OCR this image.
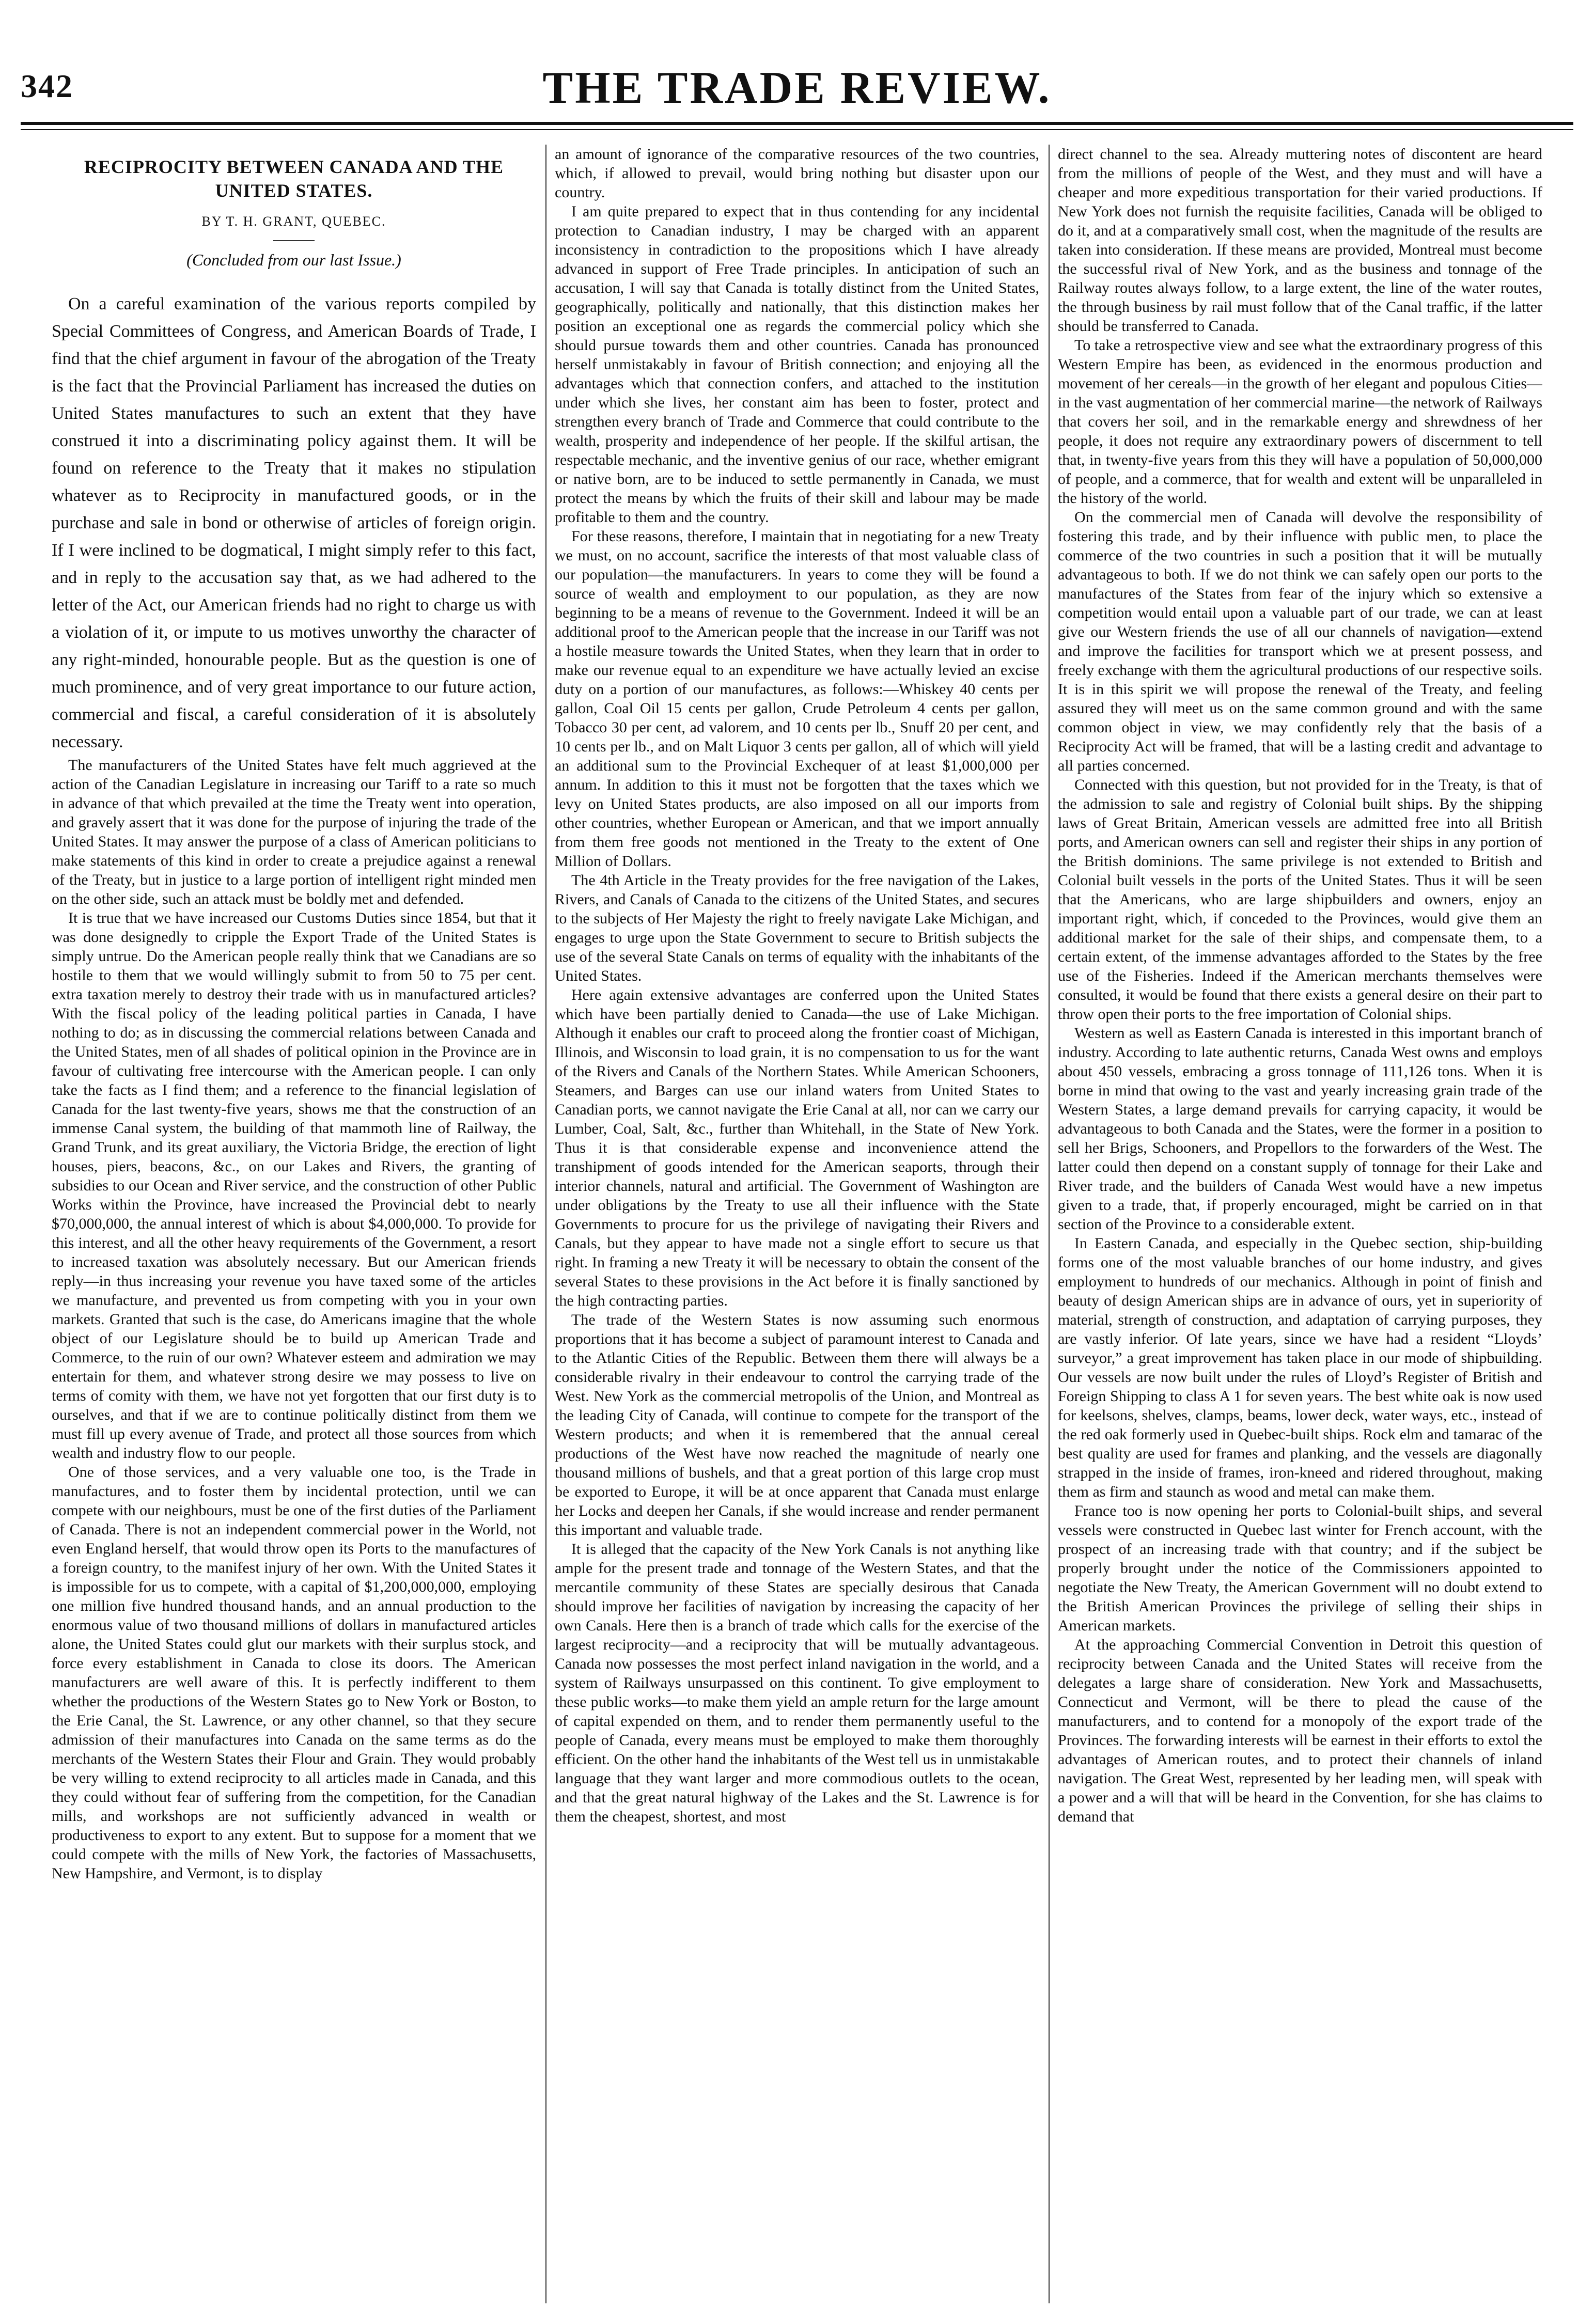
342	THE TRADE REVIEW.
RECIPROCITY BETWEEN CANADA AND THE UNITED STATES.
BY T. H. GRANT, QUEBEC.
(Concluded from our last Issue.)

On a careful examination of the various reports compiled by Special Committees of Congress, and American Boards of Trade, I find that the chief argument in favour of the abrogation of the Treaty is the fact that the Provincial Parliament has increased the duties on United States manufactures to such an extent that they have construed it into a discriminating policy against them. It will be found on reference to the Treaty that it makes no stipulation whatever as to Reciprocity in manufactured goods, or in the purchase and sale in bond or otherwise of articles of foreign origin. If I were inclined to be dogmatical, I might simply refer to this fact, and in reply to the accusation say that, as we had adhered to the letter of the Act, our American friends had no right to charge us with a violation of it, or impute to us motives unworthy the character of any right-minded, honourable people. But as the question is one of much prominence, and of very great importance to our future action, commercial and fiscal, a careful consideration of it is absolutely necessary.

The manufacturers of the United States have felt much aggrieved at the action of the Canadian Legislature in increasing our Tariff to a rate so much in advance of that which prevailed at the time the Treaty went into operation, and gravely assert that it was done for the purpose of injuring the trade of the United States. It may answer the purpose of a class of American politicians to make statements of this kind in order to create a prejudice against a renewal of the Treaty, but in justice to a large portion of intelligent right minded men on the other side, such an attack must be boldly met and defended.

It is true that we have increased our Customs Duties since 1854, but that it was done designedly to cripple the Export Trade of the United States is simply untrue. Do the American people really think that we Canadians are so hostile to them that we would willingly submit to from 50 to 75 per cent. extra taxation merely to destroy their trade with us in manufactured articles? With the fiscal policy of the leading political parties in Canada, I have nothing to do; as in discussing the commercial relations between Canada and the United States, men of all shades of political opinion in the Province are in favour of cultivating free intercourse with the American people. I can only take the facts as I find them; and a reference to the financial legislation of Canada for the last twenty-five years, shows me that the construction of an immense Canal system, the building of that mammoth line of Railway, the Grand Trunk, and its great auxiliary, the Victoria Bridge, the erection of light houses, piers, beacons, &c., on our Lakes and Rivers, the granting of subsidies to our Ocean and River service, and the construction of other Public Works within the Province, have increased the Provincial debt to nearly $70,000,000, the annual interest of which is about $4,000,000. To provide for this interest, and all the other heavy requirements of the Government, a resort to increased taxation was absolutely necessary. But our American friends reply—in thus increasing your revenue you have taxed some of the articles we manufacture, and prevented us from competing with you in your own markets. Granted that such is the case, do Americans imagine that the whole object of our Legislature should be to build up American Trade and Commerce, to the ruin of our own? Whatever esteem and admiration we may entertain for them, and whatever strong desire we may possess to live on terms of comity with them, we have not yet forgotten that our first duty is to ourselves, and that if we are to continue politically distinct from them we must fill up every avenue of Trade, and protect all those sources from which wealth and industry flow to our people.

One of those services, and a very valuable one too, is the Trade in manufactures, and to foster them by incidental protection, until we can compete with our neighbours, must be one of the first duties of the Parliament of Canada. There is not an independent commercial power in the World, not even England herself, that would throw open its Ports to the manufactures of a foreign country, to the manifest injury of her own. With the United States it is impossible for us to compete, with a capital of $1,200,000,000, employing one million five hundred thousand hands, and an annual production to the enormous value of two thousand millions of dollars in manufactured articles alone, the United States could glut our markets with their surplus stock, and force every establishment in Canada to close its doors. The American manufacturers are well aware of this. It is perfectly indifferent to them whether the productions of the Western States go to New York or Boston, to the Erie Canal, the St. Lawrence, or any other channel, so that they secure admission of their manufactures into Canada on the same terms as do the merchants of the Western States their Flour and Grain. They would probably be very willing to extend reciprocity to all articles made in Canada, and this they could without fear of suffering from the competition, for the Canadian mills, and workshops are not sufficiently advanced in wealth or productiveness to export to any extent. But to suppose for a moment that we could compete with the mills of New York, the factories of Massachusetts, New Hampshire, and Vermont, is to display

an amount of ignorance of the comparative resources of the two countries, which, if allowed to prevail, would bring nothing but disaster upon our country.

I am quite prepared to expect that in thus contending for any incidental protection to Canadian industry, I may be charged with an apparent inconsistency in contradiction to the propositions which I have already advanced in support of Free Trade principles. In anticipation of such an accusation, I will say that Canada is totally distinct from the United States, geographically, politically and nationally, that this distinction makes her position an exceptional one as regards the commercial policy which she should pursue towards them and other countries. Canada has pronounced herself unmistakably in favour of British connection; and enjoying all the advantages which that connection confers, and attached to the institution under which she lives, her constant aim has been to foster, protect and strengthen every branch of Trade and Commerce that could contribute to the wealth, prosperity and independence of her people. If the skilful artisan, the respectable mechanic, and the inventive genius of our race, whether emigrant or native born, are to be induced to settle permanently in Canada, we must protect the means by which the fruits of their skill and labour may be made profitable to them and the country.

For these reasons, therefore, I maintain that in negotiating for a new Treaty we must, on no account, sacrifice the interests of that most valuable class of our population—the manufacturers. In years to come they will be found a source of wealth and employment to our population, as they are now beginning to be a means of revenue to the Government. Indeed it will be an additional proof to the American people that the increase in our Tariff was not a hostile measure towards the United States, when they learn that in order to make our revenue equal to an expenditure we have actually levied an excise duty on a portion of our manufactures, as follows:—Whiskey 40 cents per gallon, Coal Oil 15 cents per gallon, Crude Petroleum 4 cents per gallon, Tobacco 30 per cent, ad valorem, and 10 cents per lb., Snuff 20 per cent, and 10 cents per lb., and on Malt Liquor 3 cents per gallon, all of which will yield an additional sum to the Provincial Exchequer of at least $1,000,000 per annum. In addition to this it must not be forgotten that the taxes which we levy on United States products, are also imposed on all our imports from other countries, whether European or American, and that we import annually from them free goods not mentioned in the Treaty to the extent of One Million of Dollars.

The 4th Article in the Treaty provides for the free navigation of the Lakes, Rivers, and Canals of Canada to the citizens of the United States, and secures to the subjects of Her Majesty the right to freely navigate Lake Michigan, and engages to urge upon the State Government to secure to British subjects the use of the several State Canals on terms of equality with the inhabitants of the United States.

Here again extensive advantages are conferred upon the United States which have been partially denied to Canada—the use of Lake Michigan. Although it enables our craft to proceed along the frontier coast of Michigan, Illinois, and Wisconsin to load grain, it is no compensation to us for the want of the Rivers and Canals of the Northern States. While American Schooners, Steamers, and Barges can use our inland waters from United States to Canadian ports, we cannot navigate the Erie Canal at all, nor can we carry our Lumber, Coal, Salt, &c., further than Whitehall, in the State of New York. Thus it is that considerable expense and inconvenience attend the transhipment of goods intended for the American seaports, through their interior channels, natural and artificial. The Government of Washington are under obligations by the Treaty to use all their influence with the State Governments to procure for us the privilege of navigating their Rivers and Canals, but they appear to have made not a single effort to secure us that right. In framing a new Treaty it will be necessary to obtain the consent of the several States to these provisions in the Act before it is finally sanctioned by the high contracting parties.

The trade of the Western States is now assuming such enormous proportions that it has become a subject of paramount interest to Canada and to the Atlantic Cities of the Republic. Between them there will always be a considerable rivalry in their endeavour to control the carrying trade of the West. New York as the commercial metropolis of the Union, and Montreal as the leading City of Canada, will continue to compete for the transport of the Western products; and when it is remembered that the annual cereal productions of the West have now reached the magnitude of nearly one thousand millions of bushels, and that a great portion of this large crop must be exported to Europe, it will be at once apparent that Canada must enlarge her Locks and deepen her Canals, if she would increase and render permanent this important and valuable trade.

It is alleged that the capacity of the New York Canals is not anything like ample for the present trade and tonnage of the Western States, and that the mercantile community of these States are specially desirous that Canada should improve her facilities of navigation by increasing the capacity of her own Canals. Here then is a branch of trade which calls for the exercise of the largest reciprocity—and a reciprocity that will be mutually advantageous. Canada now possesses the most perfect inland navigation in the world, and a system of Railways unsurpassed on this continent. To give employment to these public works—to make them yield an ample return for the large amount of capital expended on them, and to render them permanently useful to the people of Canada, every means must be employed to make them thoroughly efficient. On the other hand the inhabitants of the West tell us in unmistakable language that they want larger and more commodious outlets to the ocean, and that the great natural highway of the Lakes and the St. Lawrence is for them the cheapest, shortest, and most

direct channel to the sea. Already muttering notes of discontent are heard from the millions of people of the West, and they must and will have a cheaper and more expeditious transportation for their varied productions. If New York does not furnish the requisite facilities, Canada will be obliged to do it, and at a comparatively small cost, when the magnitude of the results are taken into consideration. If these means are provided, Montreal must become the successful rival of New York, and as the business and tonnage of the Railway routes always follow, to a large extent, the line of the water routes, the through business by rail must follow that of the Canal traffic, if the latter should be transferred to Canada.

To take a retrospective view and see what the extraordinary progress of this Western Empire has been, as evidenced in the enormous production and movement of her cereals—in the growth of her elegant and populous Cities—in the vast augmentation of her commercial marine—the network of Railways that covers her soil, and in the remarkable energy and shrewdness of her people, it does not require any extraordinary powers of discernment to tell that, in twenty-five years from this they will have a population of 50,000,000 of people, and a commerce, that for wealth and extent will be unparalleled in the history of the world.

On the commercial men of Canada will devolve the responsibility of fostering this trade, and by their influence with public men, to place the commerce of the two countries in such a position that it will be mutually advantageous to both. If we do not think we can safely open our ports to the manufactures of the States from fear of the injury which so extensive a competition would entail upon a valuable part of our trade, we can at least give our Western friends the use of all our channels of navigation—extend and improve the facilities for transport which we at present possess, and freely exchange with them the agricultural productions of our respective soils. It is in this spirit we will propose the renewal of the Treaty, and feeling assured they will meet us on the same common ground and with the same common object in view, we may confidently rely that the basis of a Reciprocity Act will be framed, that will be a lasting credit and advantage to all parties concerned.

Connected with this question, but not provided for in the Treaty, is that of the admission to sale and registry of Colonial built ships. By the shipping laws of Great Britain, American vessels are admitted free into all British ports, and American owners can sell and register their ships in any portion of the British dominions. The same privilege is not extended to British and Colonial built vessels in the ports of the United States. Thus it will be seen that the Americans, who are large shipbuilders and owners, enjoy an important right, which, if conceded to the Provinces, would give them an additional market for the sale of their ships, and compensate them, to a certain extent, of the immense advantages afforded to the States by the free use of the Fisheries. Indeed if the American merchants themselves were consulted, it would be found that there exists a general desire on their part to throw open their ports to the free importation of Colonial ships.

Western as well as Eastern Canada is interested in this important branch of industry. According to late authentic returns, Canada West owns and employs about 450 vessels, embracing a gross tonnage of 111,126 tons. When it is borne in mind that owing to the vast and yearly increasing grain trade of the Western States, a large demand prevails for carrying capacity, it would be advantageous to both Canada and the States, were the former in a position to sell her Brigs, Schooners, and Propellors to the forwarders of the West. The latter could then depend on a constant supply of tonnage for their Lake and River trade, and the builders of Canada West would have a new impetus given to a trade, that, if properly encouraged, might be carried on in that section of the Province to a considerable extent.

In Eastern Canada, and especially in the Quebec section, ship-building forms one of the most valuable branches of our home industry, and gives employment to hundreds of our mechanics. Although in point of finish and beauty of design American ships are in advance of ours, yet in superiority of material, strength of construction, and adaptation of carrying purposes, they are vastly inferior. Of late years, since we have had a resident “Lloyds’ surveyor,” a great improvement has taken place in our mode of shipbuilding. Our vessels are now built under the rules of Lloyd’s Register of British and Foreign Shipping to class A 1 for seven years. The best white oak is now used for keelsons, shelves, clamps, beams, lower deck, water ways, etc., instead of the red oak formerly used in Quebec-built ships. Rock elm and tamarac of the best quality are used for frames and planking, and the vessels are diagonally strapped in the inside of frames, iron-kneed and ridered throughout, making them as firm and staunch as wood and metal can make them.

France too is now opening her ports to Colonial-built ships, and several vessels were constructed in Quebec last winter for French account, with the prospect of an increasing trade with that country; and if the subject be properly brought under the notice of the Commissioners appointed to negotiate the New Treaty, the American Government will no doubt extend to the British American Provinces the privilege of selling their ships in American markets.

At the approaching Commercial Convention in Detroit this question of reciprocity between Canada and the United States will receive from the delegates a large share of consideration. New York and Massachusetts, Connecticut and Vermont, will be there to plead the cause of the manufacturers, and to contend for a monopoly of the export trade of the Provinces. The forwarding interests will be earnest in their efforts to extol the advantages of American routes, and to protect their channels of inland navigation. The Great West, represented by her leading men, will speak with a power and a will that will be heard in the Convention, for she has claims to demand that
